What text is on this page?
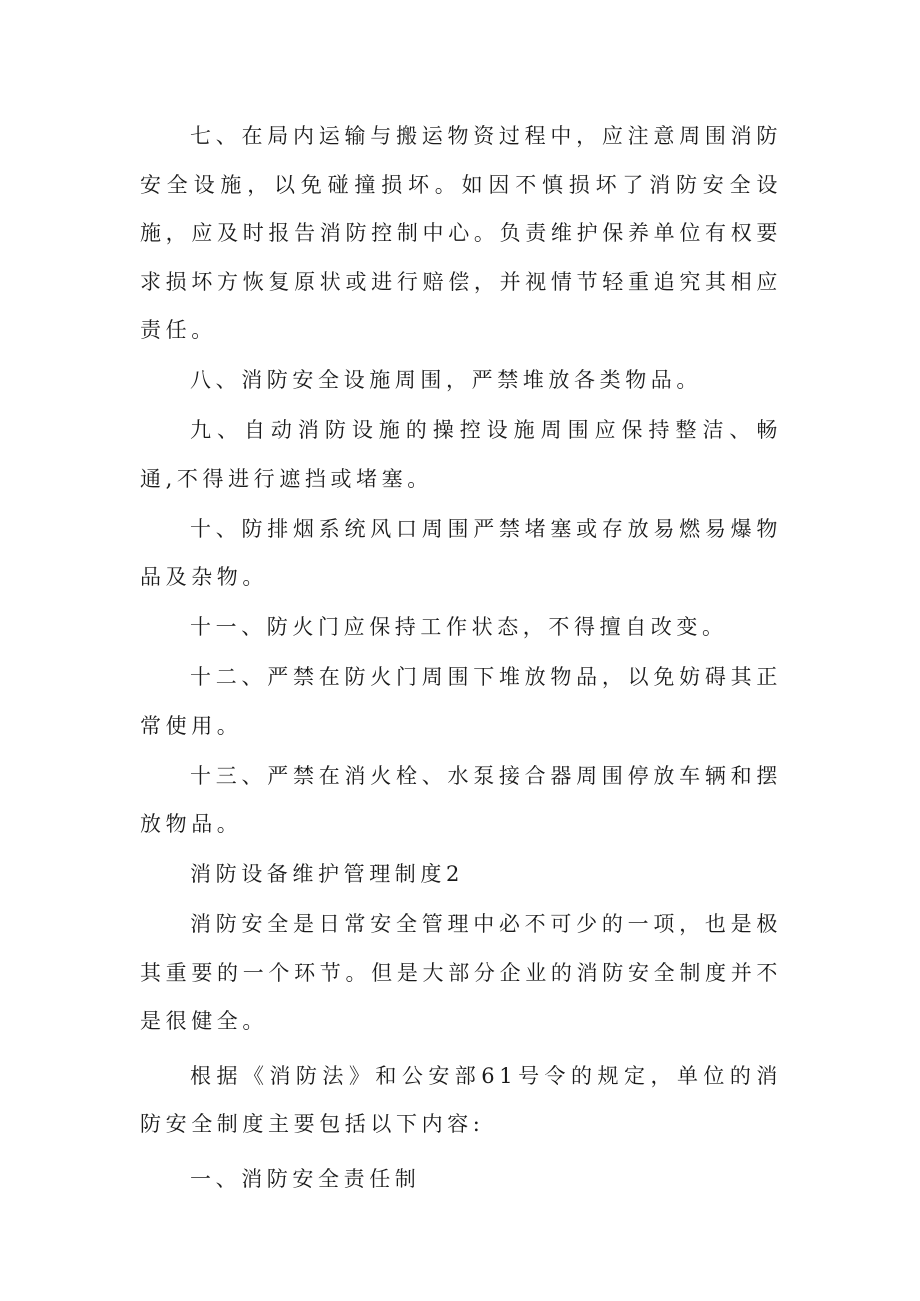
七、在局内运输与搬运物资过程中，应注意周围消防安全设施，以免碰撞损坏。如因不慎损坏了消防安全设施，应及时报告消防控制中心。负责维护保养单位有权要求损坏方恢复原状或进行赔偿，并视情节轻重追究其相应责任。

八、消防安全设施周围，严禁堆放各类物品。

九、自动消防设施的操控设施周围应保持整洁、畅通,不得进行遮挡或堵塞。

十、防排烟系统风口周围严禁堵塞或存放易燃易爆物品及杂物。

十一、防火门应保持工作状态，不得擅自改变。

十二、严禁在防火门周围下堆放物品，以免妨碍其正常使用。

十三、严禁在消火栓、水泵接合器周围停放车辆和摆放物品。

消防设备维护管理制度2

消防安全是日常安全管理中必不可少的一项，也是极其重要的一个环节。但是大部分企业的消防安全制度并不是很健全。

根据《消防法》和公安部61号令的规定，单位的消防安全制度主要包括以下内容:

一、消防安全责任制
